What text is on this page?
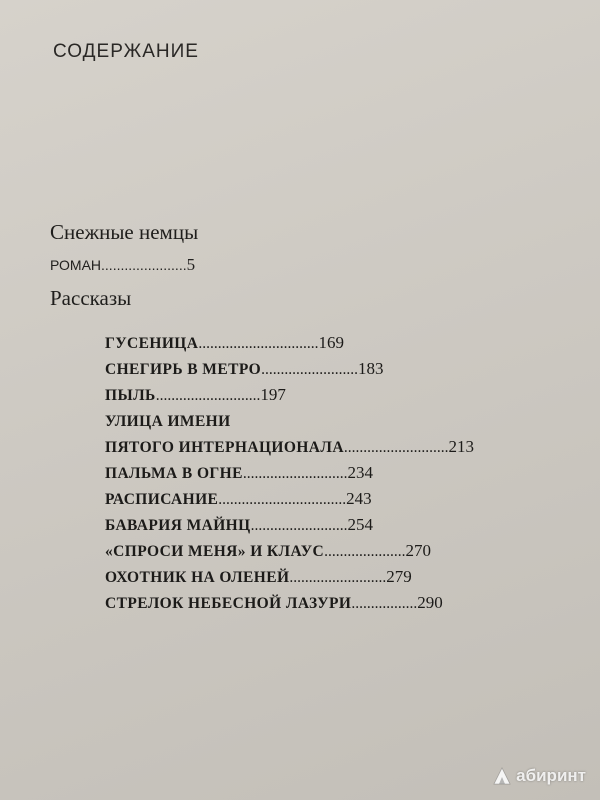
СОДЕРЖАНИЕ
Снежные немцы
РОМАН......................5
Рассказы
ГУСЕНИЦА...............................169
СНЕГИРЬ В МЕТРО.........................183
ПЫЛЬ...........................197
УЛИЦА ИМЕНИ
ПЯТОГО ИНТЕРНАЦИОНАЛА...........................213
ПАЛЬМА В ОГНЕ...........................234
РАСПИСАНИЕ.................................243
БАВАРИЯ МАЙНЦ.........................254
«СПРОСИ МЕНЯ» И КЛАУС.....................270
ОХОТНИК НА ОЛЕНЕЙ.........................279
СТРЕЛОК НЕБЕСНОЙ ЛАЗУРИ.................290
абиринт
